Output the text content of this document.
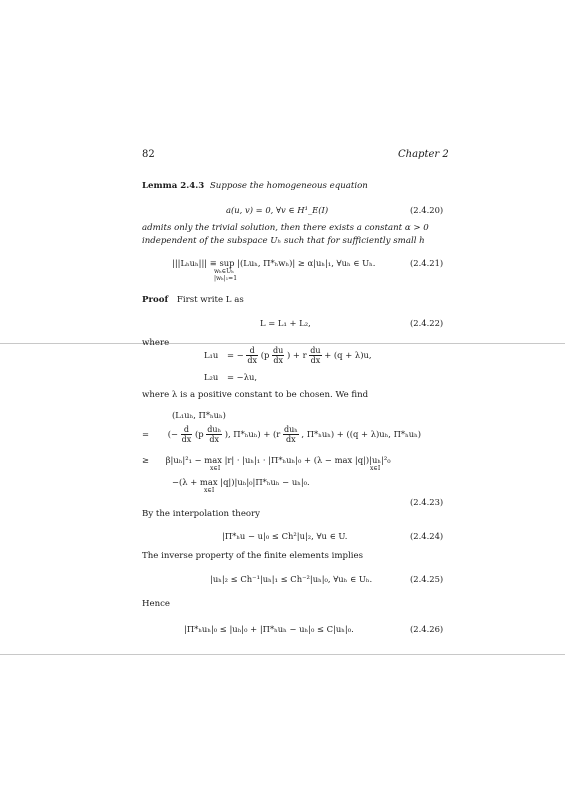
82	Chapter 2
Lemma 2.4.3 Suppose the homogeneous equation
a(u, v) = 0, ∀v ∈ H¹_E(I)	(2.4.20)
admits only the trivial solution, then there exists a constant α > 0
independent of the subspace Uₕ such that for sufficiently small h
|||Lₕuₕ||| ≡ sup |(Luₕ, Π*ₕwₕ)| ≥ α|uₕ|₁, ∀uₕ ∈ Uₕ.
wₕ∈Uₕ
|wₕ|₁=1
(2.4.21)
Proof First write L as
L = L₁ + L₂,	(2.4.22)
where
L₁u = − $\frac{d}{dx} (p \frac{du}{dx}$ ) + r $\frac{du}{dx} + (q + \lambda)u$,
L₂u = −λu,
where λ is a positive constant to be chosen. We find
(L₁uₕ, Π*ₕuₕ)
= (− $\frac{d}{dx} (p \frac{\text{duₕ}}{dx}$ ), $\Pi*_hu_h) + (r \frac{\text{duₕ}}{dx}$ , Π*ₕuₕ) + ((q + λ)uₕ, Π*ₕuₕ)
≥ β|uₕ|²₁ − max |r| · |uₕ|₁ · |Π*ₕuₕ|₀ + (λ − max |q|)|uₕ|²₀
x∈I	x∈I
−(λ + max |q|)|uₕ|₀|Π*ₕuₕ − uₕ|₀.
x∈I
(2.4.23)
By the interpolation theory
|Π*ₕu − u|₀ ≤ Ch²|u|₂, ∀u ∈ U.	(2.4.24)
The inverse property of the finite elements implies
|uₕ|₂ ≤ Ch⁻¹|uₕ|₁ ≤ Ch⁻²|uₕ|₀, ∀uₕ ∈ Uₕ.	(2.4.25)
Hence
|Π*ₕuₕ|₀ ≤ |uₕ|₀ + |Π*ₕuₕ − uₕ|₀ ≤ C|uₕ|₀.	(2.4.26)
